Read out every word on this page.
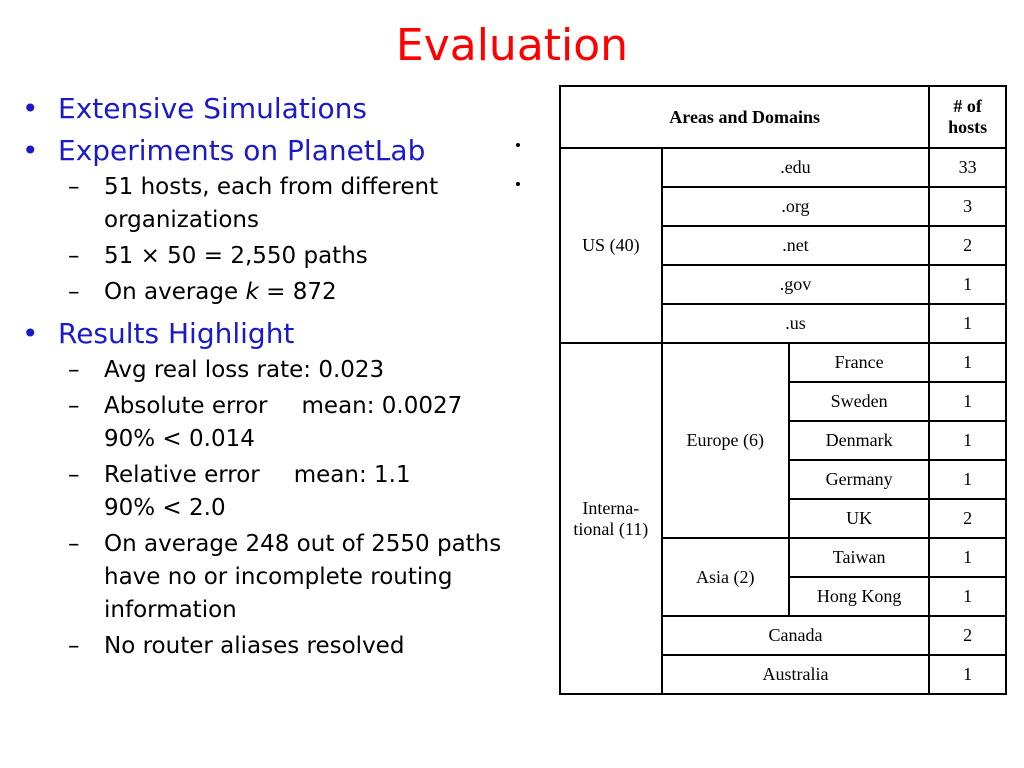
Evaluation
• Extensive Simulations
• Experiments on PlanetLab
– 51 hosts, each from different organizations
– 51 × 50 = 2,550 paths
– On average k = 872
• Results Highlight
– Avg real loss rate: 0.023
– Absolute error mean: 0.0027
90% < 0.014
– Relative error mean: 1.1
90% < 2.0
– On average 248 out of 2550 paths have no or incomplete routing information
– No router aliases resolved
Areas and Domains			# of hosts
US (40)	.edu		33
	.org		3
	.net		2
	.gov		1
	.us		1
Interna-tional (11)	Europe (6)	France	1
		Sweden	1
		Denmark	1
		Germany	1
		UK	2
	Asia (2)	Taiwan	1
		Hong Kong	1
	Canada		2
	Australia		1
